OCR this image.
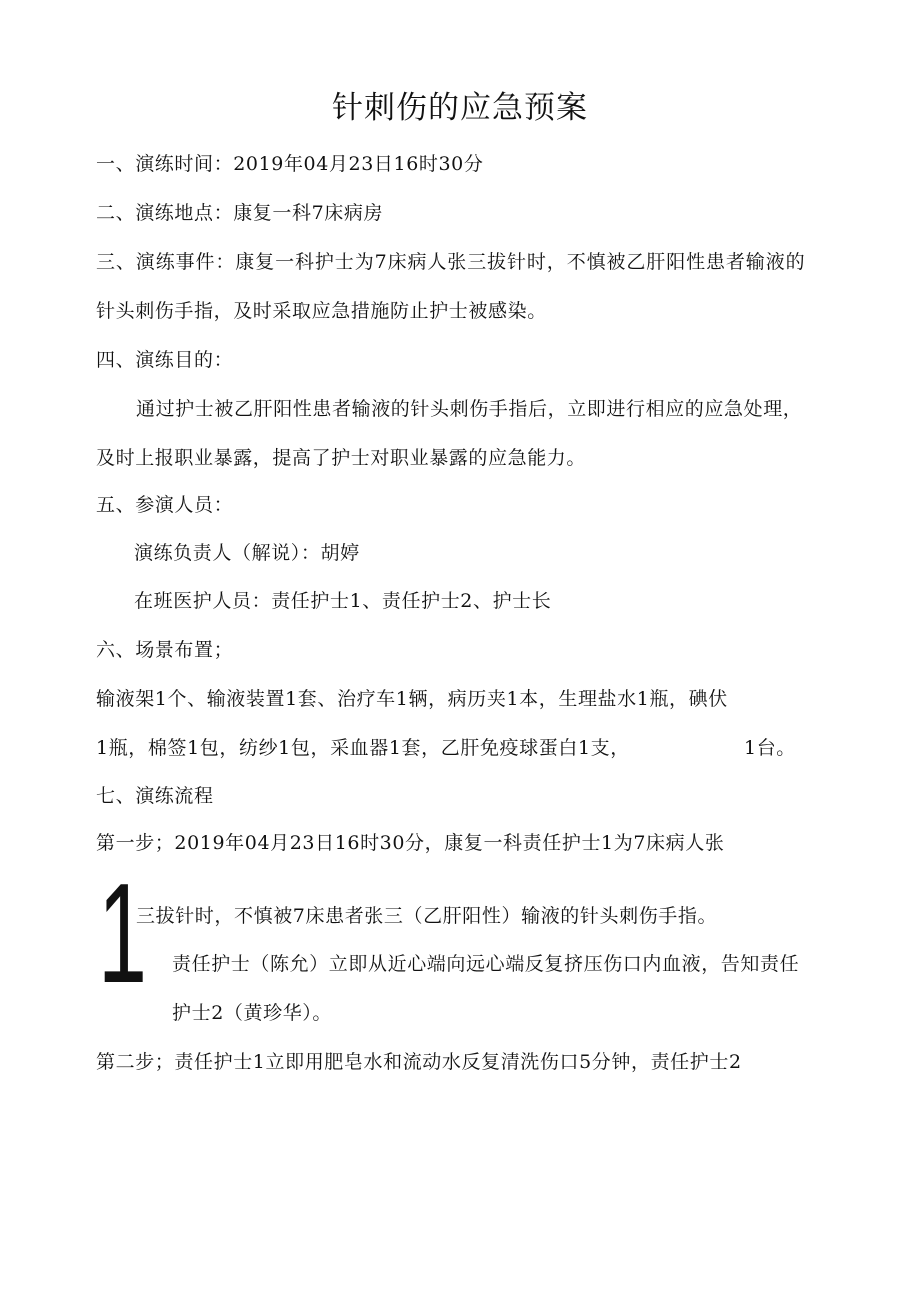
针刺伤的应急预案
一、演练时间：2019年04月23日16时30分
二、演练地点：康复一科7床病房
三、演练事件：康复一科护士为7床病人张三拔针时，不慎被乙肝阳性患者输液的
针头刺伤手指，及时采取应急措施防止护士被感染。
四、演练目的：
通过护士被乙肝阳性患者输液的针头刺伤手指后，立即进行相应的应急处理，
及时上报职业暴露，提高了护士对职业暴露的应急能力。
五、参演人员：
演练负责人（解说）：胡婷
在班医护人员：责任护士1、责任护士2、护士长
六、场景布置；
输液架1个、输液装置1套、治疗车1辆，病历夹1本，生理盐水1瓶，碘伏
1瓶，棉签1包，纺纱1包，采血器1套，乙肝免疫球蛋白1支，	1台。
七、演练流程
第一步；2019年04月23日16时30分，康复一科责任护士1为7床病人张
1
三拔针时，不慎被7床患者张三（乙肝阳性）输液的针头刺伤手指。
责任护士（陈允）立即从近心端向远心端反复挤压伤口内血液，告知责任
护士2（黄珍华）。
第二步；责任护士1立即用肥皂水和流动水反复清洗伤口5分钟，责任护士2
